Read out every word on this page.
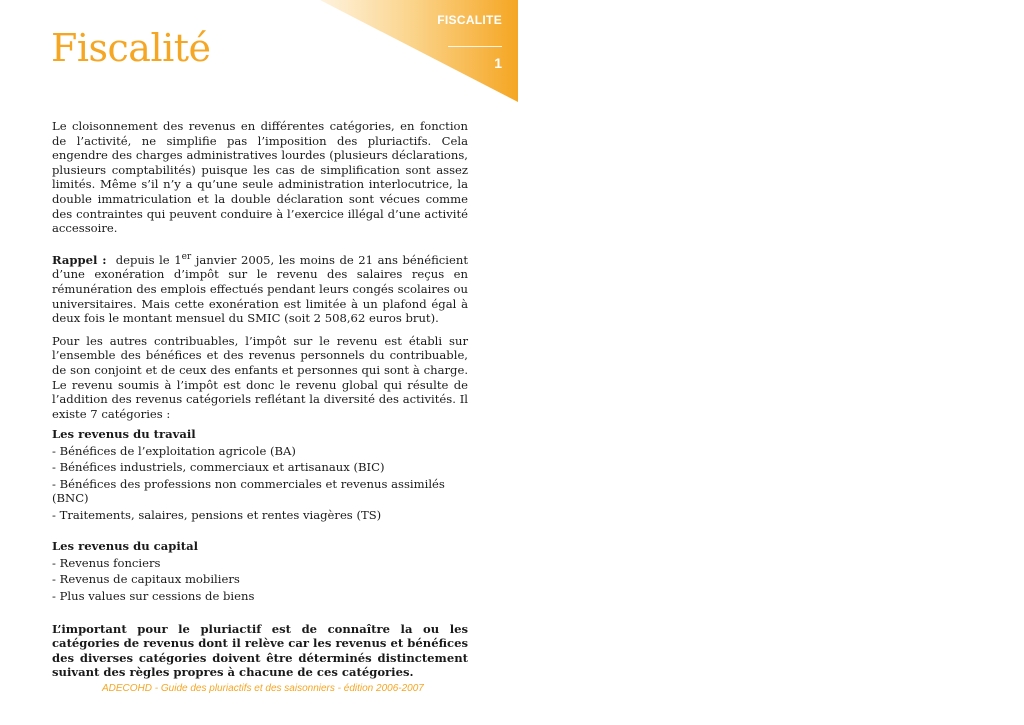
FISCALITE
1
Fiscalité

Le cloisonnement des revenus en différentes catégories, en fonction de l’activité, ne simplifie pas l’imposition des pluriactifs. Cela engendre des charges administratives lourdes (plusieurs déclarations, plusieurs comptabilités) puisque les cas de simplification sont assez limités. Même s’il n’y a qu’une seule administration interlocutrice, la double immatriculation et la double déclaration sont vécues comme des contraintes qui peuvent conduire à l’exercice illégal d’une activité accessoire.

Rappel : depuis le 1er janvier 2005, les moins de 21 ans bénéficient d’une exonération d’impôt sur le revenu des salaires reçus en rémunération des emplois effectués pendant leurs congés scolaires ou universitaires. Mais cette exonération est limitée à un plafond égal à deux fois le montant mensuel du SMIC (soit 2 508,62 euros brut).

Pour les autres contribuables, l’impôt sur le revenu est établi sur l’ensemble des bénéfices et des revenus personnels du contribuable, de son conjoint et de ceux des enfants et personnes qui sont à charge. Le revenu soumis à l’impôt est donc le revenu global qui résulte de l’addition des revenus catégoriels reflétant la diversité des activités. Il existe 7 catégories :

Les revenus du travail
- Bénéfices de l’exploitation agricole (BA)
- Bénéfices industriels, commerciaux et artisanaux (BIC)
- Bénéfices des professions non commerciales et revenus assimilés (BNC)
- Traitements, salaires, pensions et rentes viagères (TS)
Les revenus du capital
- Revenus fonciers
- Revenus de capitaux mobiliers
- Plus values sur cessions de biens

L’important pour le pluriactif est de connaître la ou les catégories de revenus dont il relève car les revenus et bénéfices des diverses catégories doivent être déterminés distinctement suivant des règles propres à chacune de ces catégories.

ADECOHD - Guide des pluriactifs et des saisonniers - édition 2006-2007
